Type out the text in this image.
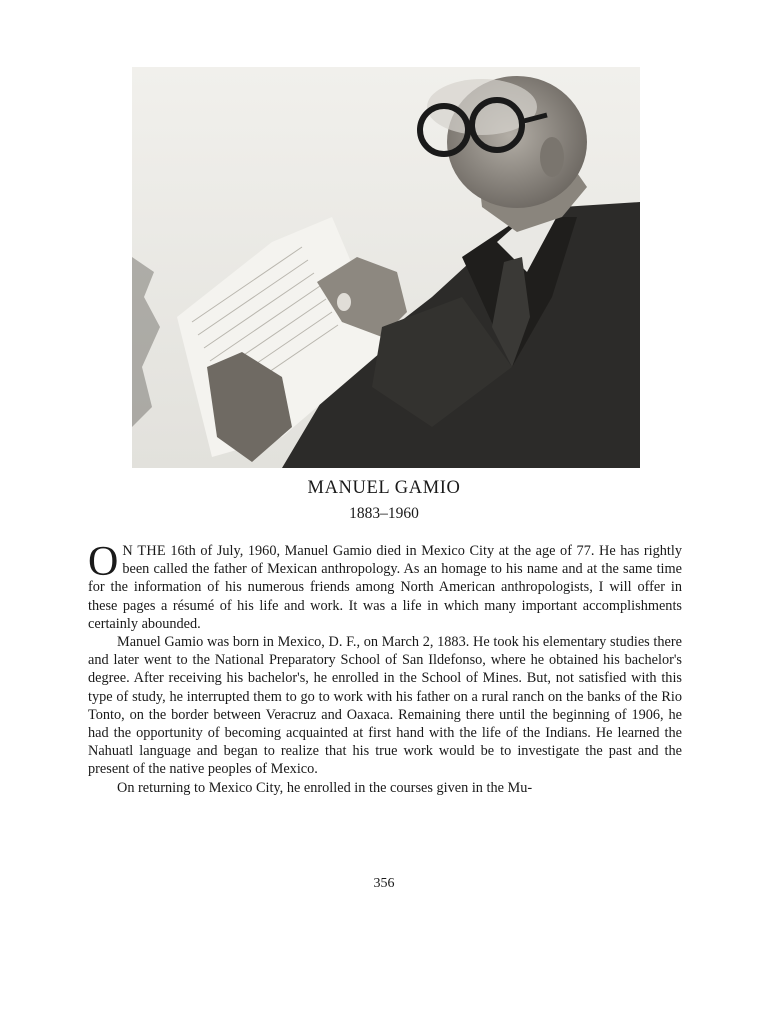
MANUEL GAMIO
1883–1960

O N THE 16th of July, 1960, Manuel Gamio died in Mexico City at the age of 77. He has rightly been called the father of Mexican anthropology. As an homage to his name and at the same time for the information of his numerous friends among North American anthropologists, I will offer in these pages a résumé of his life and work. It was a life in which many important accomplishments certainly abounded.

Manuel Gamio was born in Mexico, D. F., on March 2, 1883. He took his elementary studies there and later went to the National Preparatory School of San Ildefonso, where he obtained his bachelor's degree. After receiving his bachelor's, he enrolled in the School of Mines. But, not satisfied with this type of study, he interrupted them to go to work with his father on a rural ranch on the banks of the Rio Tonto, on the border between Veracruz and Oaxaca. Remaining there until the beginning of 1906, he had the opportunity of becoming acquainted at first hand with the life of the Indians. He learned the Nahuatl language and began to realize that his true work would be to investigate the past and the present of the native peoples of Mexico.

On returning to Mexico City, he enrolled in the courses given in the Mu-

356
